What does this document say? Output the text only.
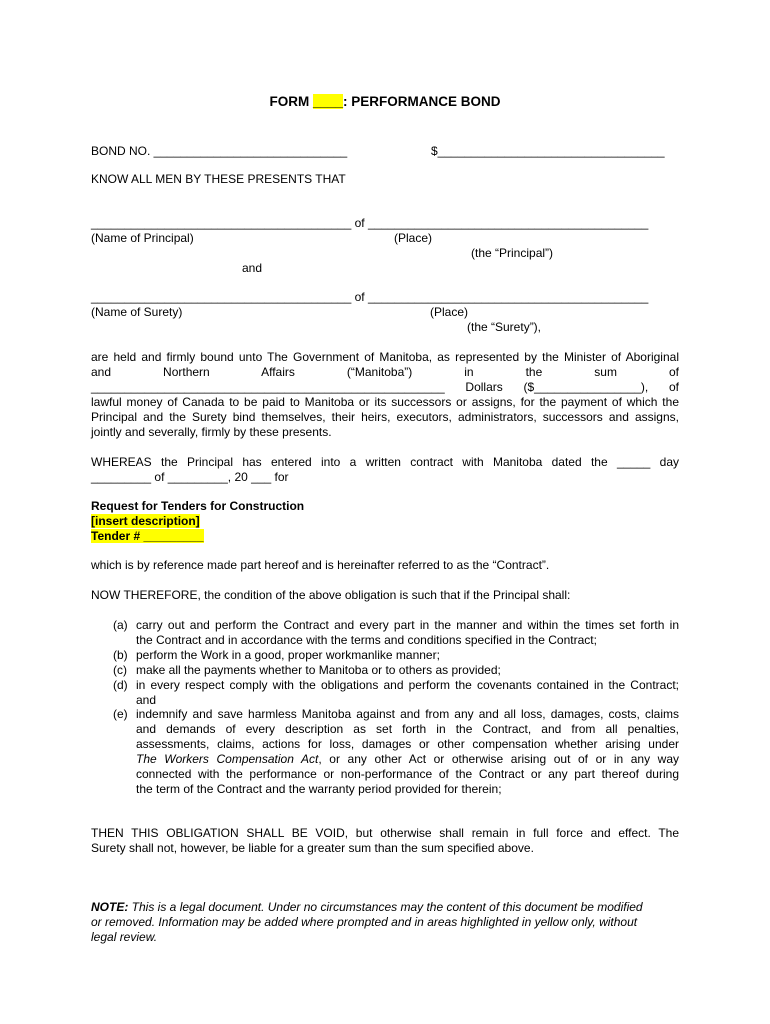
FORM ____: PERFORMANCE BOND
BOND NO. _____________________________	$__________________________________
KNOW ALL MEN BY THESE PRESENTS THAT
_______________________________________ of __________________________________________
(Name of Principal)	(Place)
(the “Principal”)
and
_______________________________________ of __________________________________________
(Name of Surety)	(Place)
(the “Surety”),
are held and firmly bound unto The Government of Manitoba, as represented by the Minister of Aboriginal
and Northern Affairs (“Manitoba”) in the sum of
_____________________________________________________ Dollars ($________________), of
lawful money of Canada to be paid to Manitoba or its successors or assigns, for the payment of which the
Principal and the Surety bind themselves, their heirs, executors, administrators, successors and assigns,
jointly and severally, firmly by these presents.
WHEREAS the Principal has entered into a written contract with Manitoba dated the _____ day
_________ of _________, 20 ___ for
Request for Tenders for Construction
[insert description]
Tender # _________
which is by reference made part hereof and is hereinafter referred to as the “Contract”.
NOW THEREFORE, the condition of the above obligation is such that if the Principal shall:
(a) carry out and perform the Contract and every part in the manner and within the times set forth in
the Contract and in accordance with the terms and conditions specified in the Contract;
(b) perform the Work in a good, proper workmanlike manner;
(c) make all the payments whether to Manitoba or to others as provided;
(d) in every respect comply with the obligations and perform the covenants contained in the Contract;
and
(e) indemnify and save harmless Manitoba against and from any and all loss, damages, costs, claims
and demands of every description as set forth in the Contract, and from all penalties,
assessments, claims, actions for loss, damages or other compensation whether arising under
The Workers Compensation Act, or any other Act or otherwise arising out of or in any way
connected with the performance or non-performance of the Contract or any part thereof during
the term of the Contract and the warranty period provided for therein;
THEN THIS OBLIGATION SHALL BE VOID, but otherwise shall remain in full force and effect. The
Surety shall not, however, be liable for a greater sum than the sum specified above.
NOTE: This is a legal document. Under no circumstances may the content of this document be modified
or removed. Information may be added where prompted and in areas highlighted in yellow only, without
legal review.
